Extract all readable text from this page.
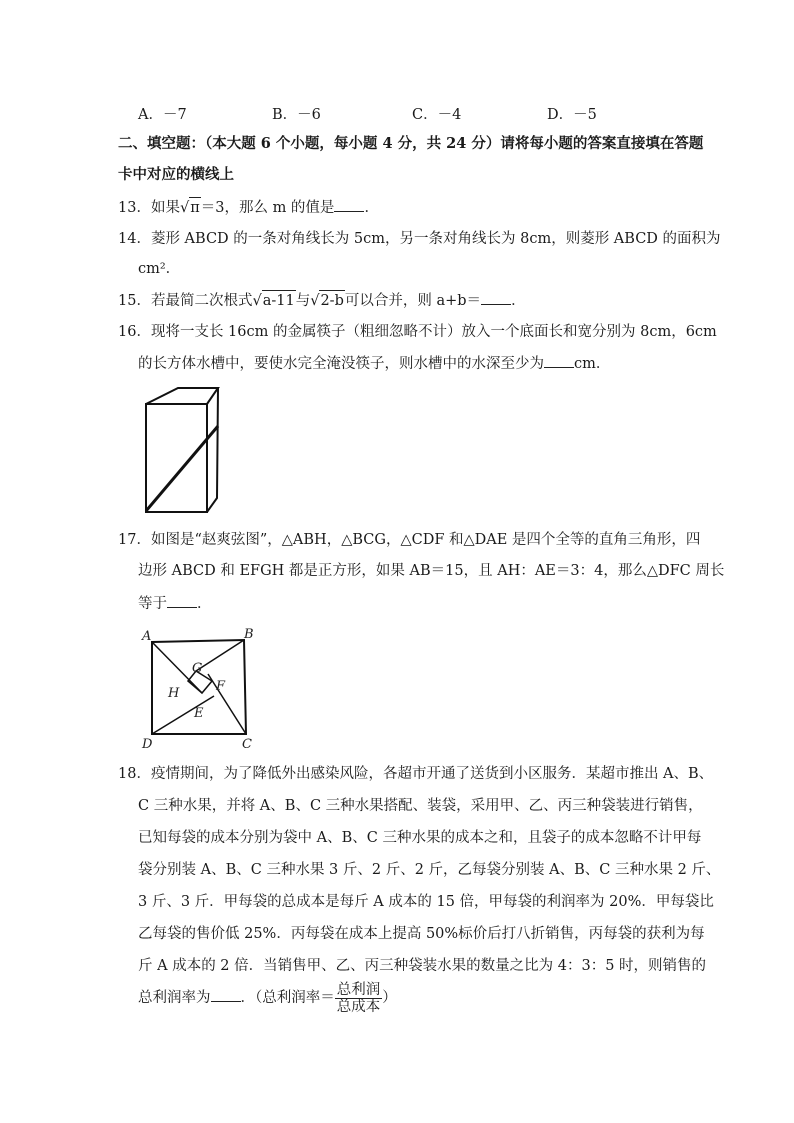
A．－7	B．－6	C．－4	D．－5
二、填空题：（本大题 6 个小题，每小题 4 分，共 24 分）请将每小题的答案直接填在答题
卡中对应的横线上
13．如果√π＝3，那么 m 的值是 ．
14．菱形 ABCD 的一条对角线长为 5cm，另一条对角线长为 8cm，则菱形 ABCD 的面积为
cm²．
15．若最简二次根式√a-11与√2-b可以合并，则 a+b＝ ．
16．现将一支长 16cm 的金属筷子（粗细忽略不计）放入一个底面长和宽分别为 8cm，6cm
的长方体水槽中，要使水完全淹没筷子，则水槽中的水深至少为 cm．
17．如图是“赵爽弦图”，△ABH，△BCG，△CDF 和△DAE 是四个全等的直角三角形，四
边形 ABCD 和 EFGH 都是正方形，如果 AB＝15，且 AH：AE＝3：4，那么△DFC 周长
等于 ．
A	B
C
D
E
F
G
H
18．疫情期间，为了降低外出感染风险，各超市开通了送货到小区服务．某超市推出 A、B、
C 三种水果，并将 A、B、C 三种水果搭配、装袋，采用甲、乙、丙三种袋装进行销售，
已知每袋的成本分别为袋中 A、B、C 三种水果的成本之和，且袋子的成本忽略不计甲每
袋分别装 A、B、C 三种水果 3 斤、2 斤、2 斤，乙每袋分别装 A、B、C 三种水果 2 斤、
3 斤、3 斤．甲每袋的总成本是每斤 A 成本的 15 倍，甲每袋的利润率为 20%．甲每袋比
乙每袋的售价低 25%．丙每袋在成本上提高 50%标价后打八折销售，丙每袋的获利为每
斤 A 成本的 2 倍．当销售甲、乙、丙三种袋装水果的数量之比为 4：3：5 时，则销售的
总利润率为 ．（总利润率＝ $\frac{\text{总利润}}{\text{总成本}}$ ）
